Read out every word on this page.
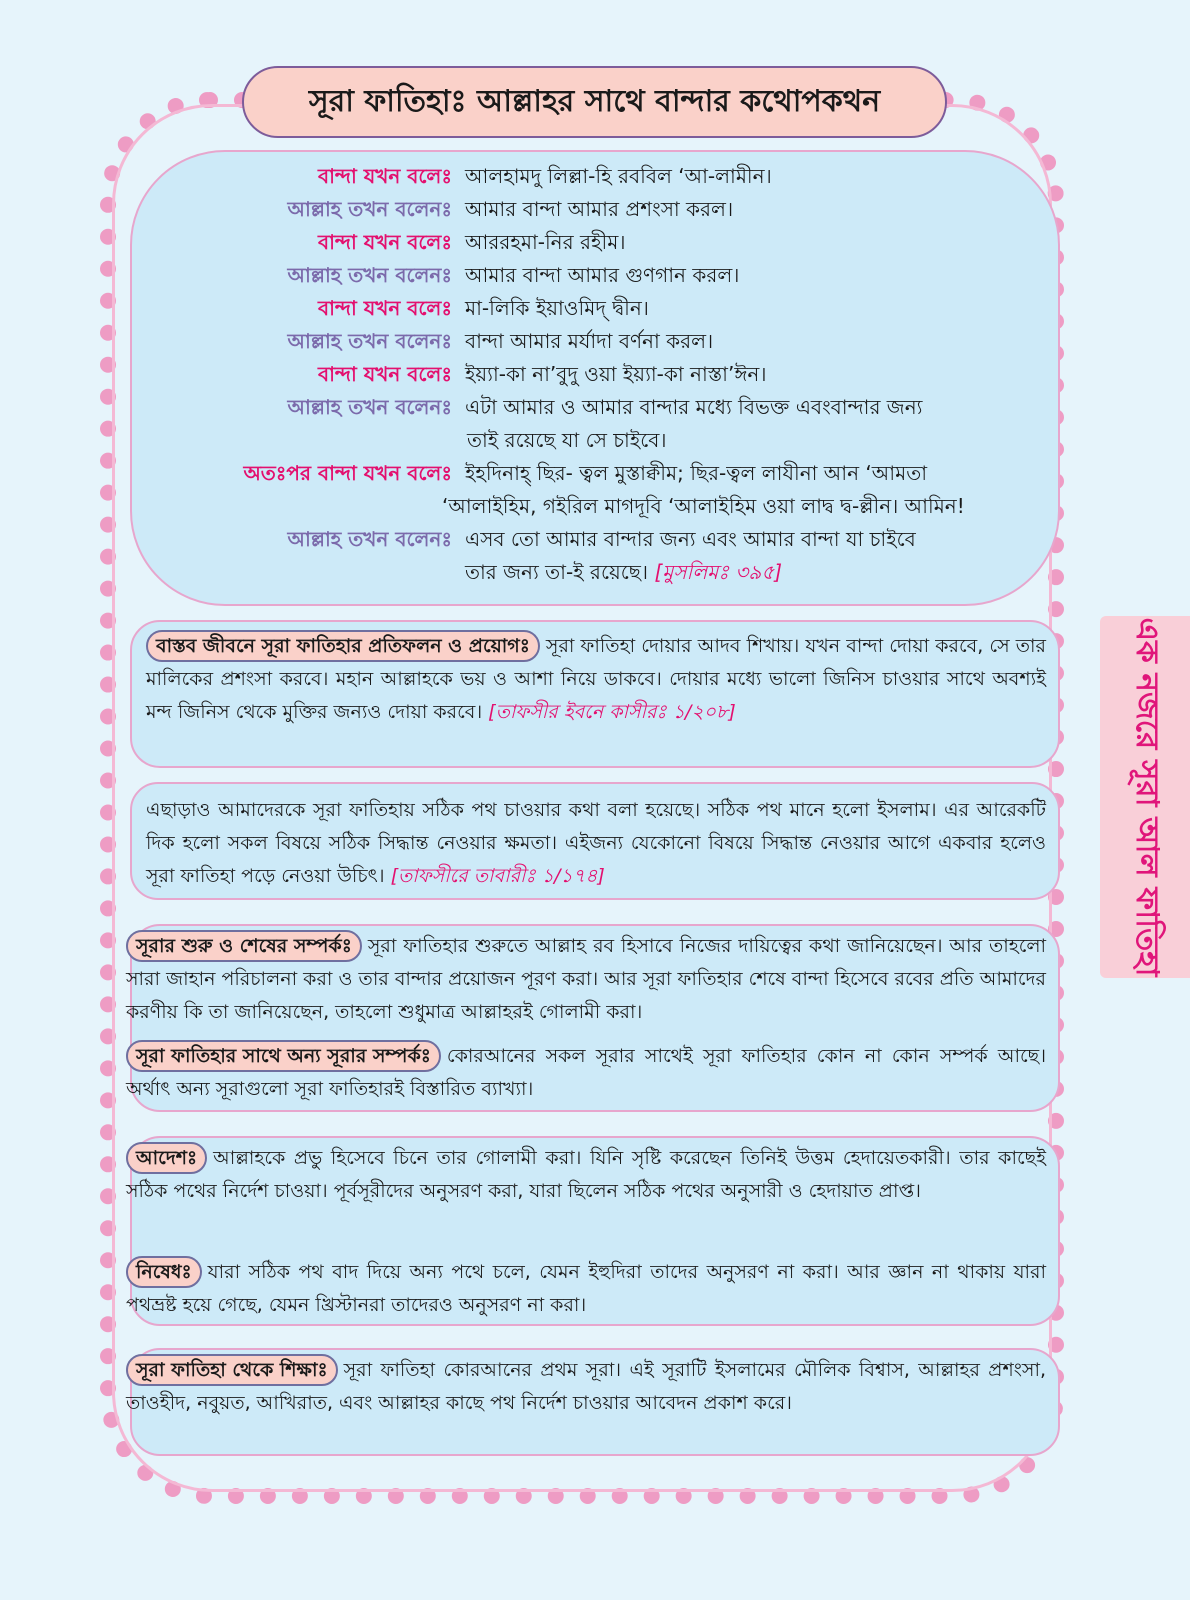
এক নজরে সূরা আল ফাতিহা
সূরা ফাতিহাঃ আল্লাহর সাথে বান্দার কথোপকথন
বান্দা যখন বলেঃ আলহামদু লিল্লা-হি রববিল ‘আ-লামীন।
আল্লাহ তখন বলেনঃ আমার বান্দা আমার প্রশংসা করল।
বান্দা যখন বলেঃ আররহমা-নির রহীম।
আল্লাহ তখন বলেনঃ আমার বান্দা আমার গুণগান করল।
বান্দা যখন বলেঃ মা-লিকি ইয়াওমিদ্ দ্বীন।
আল্লাহ তখন বলেনঃ বান্দা আমার মর্যাদা বর্ণনা করল।
বান্দা যখন বলেঃ ইয়্যা-কা না’বুদু ওয়া ইয়্যা-কা নাস্তা’ঈন।
আল্লাহ তখন বলেনঃ এটা আমার ও আমার বান্দার মধ্যে বিভক্ত এবংবান্দার জন্য
তাই রয়েছে যা সে চাইবে।
অতঃপর বান্দা যখন বলেঃ ইহদিনাহ্ ছির- ত্বল মুস্তাক্বীম; ছির-ত্বল লাযীনা আন ‘আমতা
‘আলাইহিম, গইরিল মাগদূবি ‘আলাইহিম ওয়া লাদ্ব দ্ব-ল্লীন। আমিন!
আল্লাহ তখন বলেনঃ এসব তো আমার বান্দার জন্য এবং আমার বান্দা যা চাইবে
তার জন্য তা-ই রয়েছে। [মুসলিমঃ ৩৯৫]
বাস্তব জীবনে সূরা ফাতিহার প্রতিফলন ও প্রয়োগঃ সূরা ফাতিহা দোয়ার আদব শিখায়। যখন বান্দা দোয়া করবে, সে তার মালিকের প্রশংসা করবে। মহান আল্লাহকে ভয় ও আশা নিয়ে ডাকবে। দোয়ার মধ্যে ভালো জিনিস চাওয়ার সাথে অবশ্যই মন্দ জিনিস থেকে মুক্তির জন্যও দোয়া করবে। [তাফসীর ইবনে কাসীরঃ ১/২০৮]
এছাড়াও আমাদেরকে সূরা ফাতিহায় সঠিক পথ চাওয়ার কথা বলা হয়েছে। সঠিক পথ মানে হলো ইসলাম। এর আরেকটি দিক হলো সকল বিষয়ে সঠিক সিদ্ধান্ত নেওয়ার ক্ষমতা। এইজন্য যেকোনো বিষয়ে সিদ্ধান্ত নেওয়ার আগে একবার হলেও সূরা ফাতিহা পড়ে নেওয়া উচিৎ। [তাফসীরে তাবারীঃ ১/১৭৪]
সূরার শুরু ও শেষের সম্পর্কঃ সূরা ফাতিহার শুরুতে আল্লাহ রব হিসাবে নিজের দায়িত্বের কথা জানিয়েছেন। আর তাহলো সারা জাহান পরিচালনা করা ও তার বান্দার প্রয়োজন পূরণ করা। আর সূরা ফাতিহার শেষে বান্দা হিসেবে রবের প্রতি আমাদের করণীয় কি তা জানিয়েছেন, তাহলো শুধুমাত্র আল্লাহরই গোলামী করা।
সূরা ফাতিহার সাথে অন্য সূরার সম্পর্কঃ কোরআনের সকল সূরার সাথেই সূরা ফাতিহার কোন না কোন সম্পর্ক আছে। অর্থাৎ অন্য সূরাগুলো সূরা ফাতিহারই বিস্তারিত ব্যাখ্যা।
আদেশঃ আল্লাহকে প্রভু হিসেবে চিনে তার গোলামী করা। যিনি সৃষ্টি করেছেন তিনিই উত্তম হেদায়েতকারী। তার কাছেই সঠিক পথের নির্দেশ চাওয়া। পূর্বসূরীদের অনুসরণ করা, যারা ছিলেন সঠিক পথের অনুসারী ও হেদায়াত প্রাপ্ত।
নিষেধঃ যারা সঠিক পথ বাদ দিয়ে অন্য পথে চলে, যেমন ইহুদিরা তাদের অনুসরণ না করা। আর জ্ঞান না থাকায় যারা পথভ্রষ্ট হয়ে গেছে, যেমন খ্রিস্টানরা তাদেরও অনুসরণ না করা।
সূরা ফাতিহা থেকে শিক্ষাঃ সূরা ফাতিহা কোরআনের প্রথম সূরা। এই সূরাটি ইসলামের মৌলিক বিশ্বাস, আল্লাহর প্রশংসা, তাওহীদ, নবুয়ত, আখিরাত, এবং আল্লাহর কাছে পথ নির্দেশ চাওয়ার আবেদন প্রকাশ করে।
